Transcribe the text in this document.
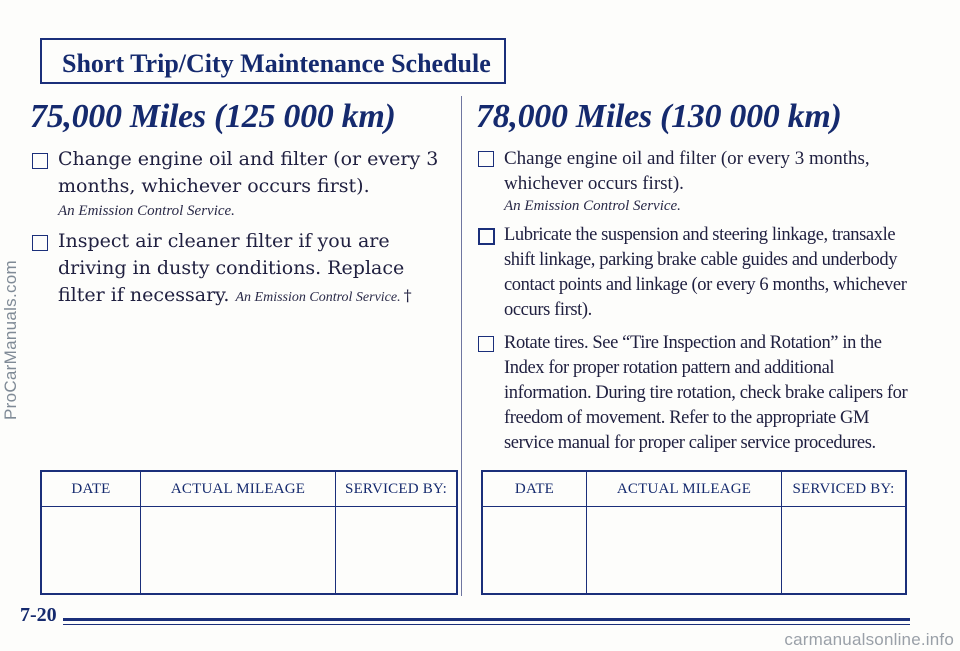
Short Trip/City Maintenance Schedule
75,000 Miles (125 000 km)

Change engine oil and filter (or every 3 months, whichever occurs first).

An Emission Control Service.

Inspect air cleaner filter if you are driving in dusty conditions. Replace filter if necessary. An Emission Control Service. †

78,000 Miles (130 000 km)

Change engine oil and filter (or every 3 months, whichever occurs first).

An Emission Control Service.

Lubricate the suspension and steering linkage, transaxle shift linkage, parking brake cable guides and underbody contact points and linkage (or every 6 months, whichever occurs first).

Rotate tires. See “Tire Inspection and Rotation” in the Index for proper rotation pattern and additional information. During tire rotation, check brake calipers for freedom of movement. Refer to the appropriate GM service manual for proper caliper service procedures.

DATE	ACTUAL MILEAGE	SERVICED BY:
			DATE	ACTUAL MILEAGE	SERVICED BY:

7-20
ProCarManuals.com
carmanualsonline.info
